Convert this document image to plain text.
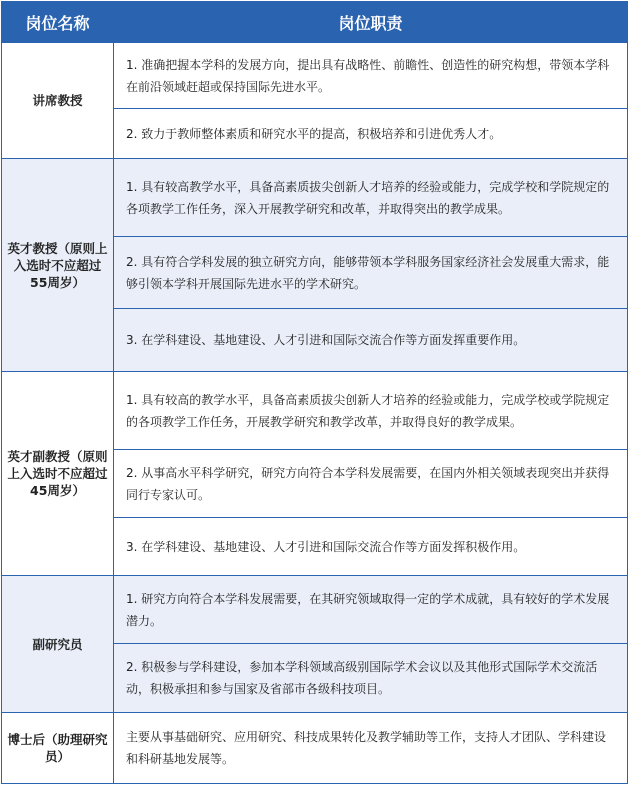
岗位名称	岗位职责
讲席教授	1. 准确把握本学科的发展方向，提出具有战略性、前瞻性、创造性的研究构想，带领本学科在前沿领域赶超或保持国际先进水平。
	2. 致力于教师整体素质和研究水平的提高，积极培养和引进优秀人才。
英才教授（原则上入选时不应超过55周岁）	1. 具有较高教学水平，具备高素质拔尖创新人才培养的经验或能力，完成学校和学院规定的各项教学工作任务，深入开展教学研究和改革，并取得突出的教学成果。
	2. 具有符合学科发展的独立研究方向，能够带领本学科服务国家经济社会发展重大需求，能够引领本学科开展国际先进水平的学术研究。
	3. 在学科建设、基地建设、人才引进和国际交流合作等方面发挥重要作用。
英才副教授（原则上入选时不应超过45周岁）	1. 具有较高的教学水平，具备高素质拔尖创新人才培养的经验或能力，完成学校或学院规定的各项教学工作任务，开展教学研究和教学改革，并取得良好的教学成果。
	2. 从事高水平科学研究，研究方向符合本学科发展需要，在国内外相关领域表现突出并获得同行专家认可。
	3. 在学科建设、基地建设、人才引进和国际交流合作等方面发挥积极作用。
副研究员	1. 研究方向符合本学科发展需要，在其研究领域取得一定的学术成就，具有较好的学术发展潜力。
	2. 积极参与学科建设，参加本学科领域高级别国际学术会议以及其他形式国际学术交流活动，积极承担和参与国家及省部市各级科技项目。
博士后（助理研究员）	主要从事基础研究、应用研究、科技成果转化及教学辅助等工作，支持人才团队、学科建设和科研基地发展等。
